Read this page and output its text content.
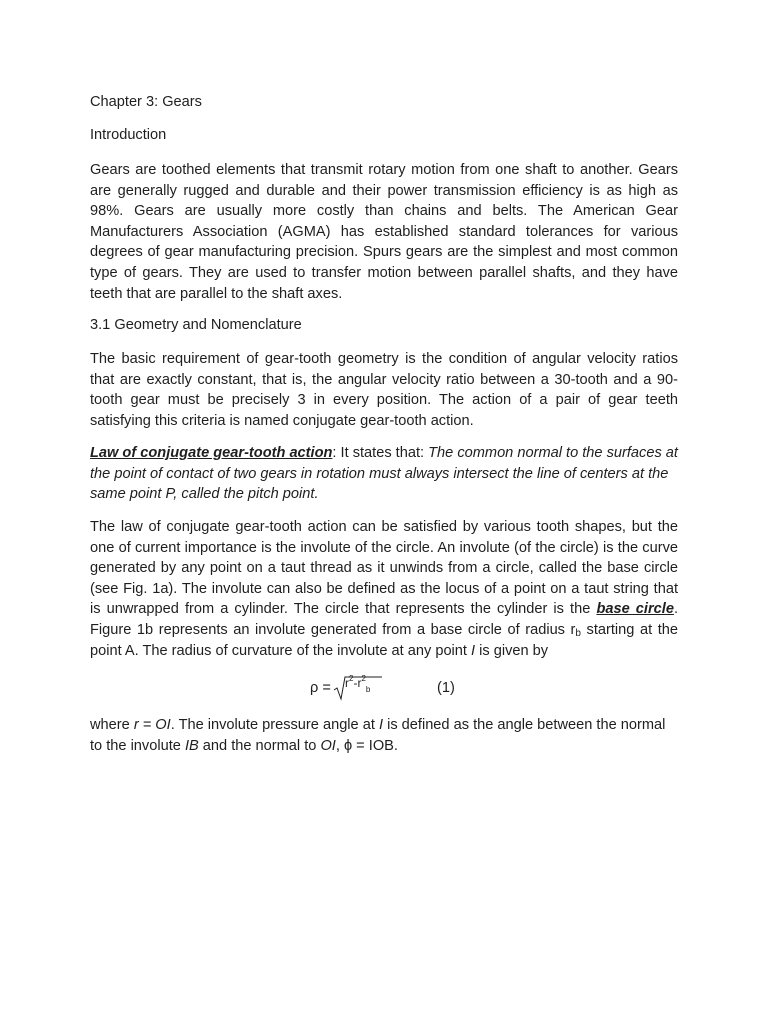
Chapter 3: Gears

Introduction

Gears are toothed elements that transmit rotary motion from one shaft to another. Gears are generally rugged and durable and their power transmission efficiency is as high as 98%. Gears are usually more costly than chains and belts. The American Gear Manufacturers Association (AGMA) has established standard tolerances for various degrees of gear manufacturing precision. Spurs gears are the simplest and most common type of gears. They are used to transfer motion between parallel shafts, and they have teeth that are parallel to the shaft axes.

3.1 Geometry and Nomenclature

The basic requirement of gear-tooth geometry is the condition of angular velocity ratios that are exactly constant, that is, the angular velocity ratio between a 30-tooth and a 90-tooth gear must be precisely 3 in every position. The action of a pair of gear teeth satisfying this criteria is named conjugate gear-tooth action.

Law of conjugate gear-tooth action: It states that: The common normal to the surfaces at the point of contact of two gears in rotation must always intersect the line of centers at the same point P, called the pitch point.

The law of conjugate gear-tooth action can be satisfied by various tooth shapes, but the one of current importance is the involute of the circle. An involute (of the circle) is the curve generated by any point on a taut thread as it unwinds from a circle, called the base circle (see Fig. 1a). The involute can also be defined as the locus of a point on a taut string that is unwrapped from a cylinder. The circle that represents the cylinder is the base circle. Figure 1b represents an involute generated from a base circle of radius $r_b$ starting at the point A. The radius of curvature of the involute at any point I is given by

$\rho = r^2-r^2_b$	(1)

where r = OI. The involute pressure angle at I is defined as the angle between the normal to the involute IB and the normal to OI, ϕ = IOB.
